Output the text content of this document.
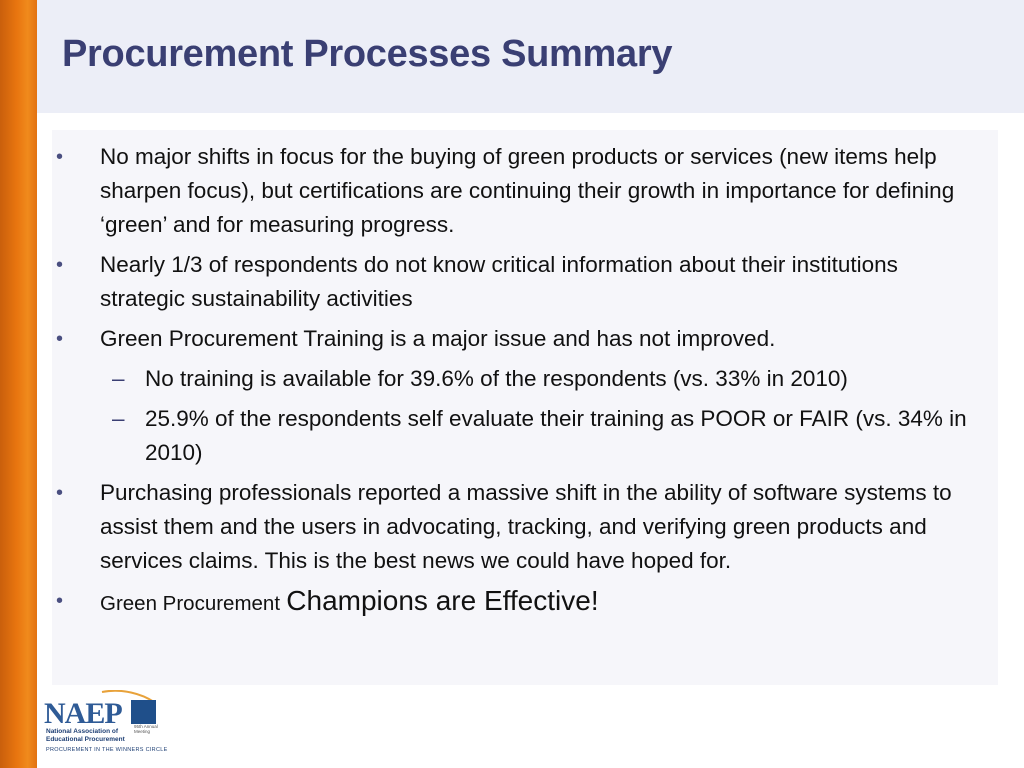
Procurement Processes Summary
•	No major shifts in focus for the buying of green products or services (new items help sharpen focus), but certifications are continuing their growth in importance for defining ‘green’ and for measuring progress.
•	Nearly 1/3 of respondents do not know critical information about their institutions strategic sustainability activities
•	Green Procurement Training is a major issue and has not improved.
– No training is available for 39.6% of the respondents (vs. 33% in 2010)
– 25.9% of the respondents self evaluate their training as POOR or FAIR (vs. 34% in 2010)
•	Purchasing professionals reported a massive shift in the ability of software systems to assist them and the users in advocating, tracking, and verifying green products and services claims. This is the best news we could have hoped for.
•	Green Procurement Champions are Effective!
NAEP
National Association of Educational Procurement
PROCUREMENT IN THE WINNERS CIRCLE
95th Annual Meeting
